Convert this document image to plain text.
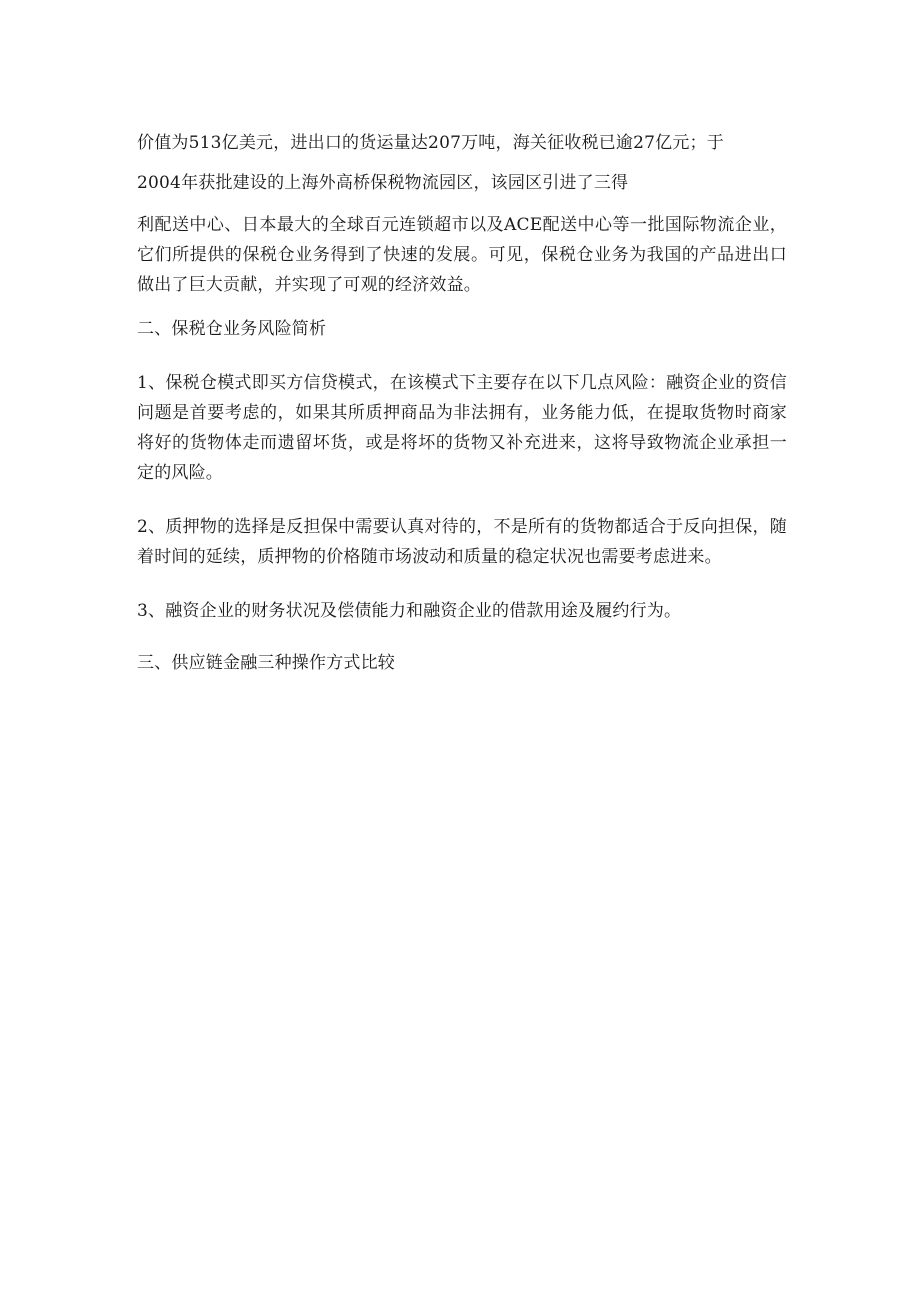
价值为513亿美元，进出口的货运量达207万吨，海关征收税已逾27亿元；于

2004年获批建设的上海外高桥保税物流园区，该园区引进了三得

利配送中心、日本最大的全球百元连锁超市以及ACE配送中心等一批国际物流企业，它们所提供的保税仓业务得到了快速的发展。可见，保税仓业务为我国的产品进出口做出了巨大贡献，并实现了可观的经济效益。

二、保税仓业务风险简析

1、保税仓模式即买方信贷模式，在该模式下主要存在以下几点风险：融资企业的资信问题是首要考虑的，如果其所质押商品为非法拥有，业务能力低，在提取货物时商家将好的货物体走而遗留坏货，或是将坏的货物又补充进来，这将导致物流企业承担一定的风险。

2、质押物的选择是反担保中需要认真对待的，不是所有的货物都适合于反向担保，随着时间的延续，质押物的价格随市场波动和质量的稳定状况也需要考虑进来。

3、融资企业的财务状况及偿债能力和融资企业的借款用途及履约行为。

三、供应链金融三种操作方式比较
